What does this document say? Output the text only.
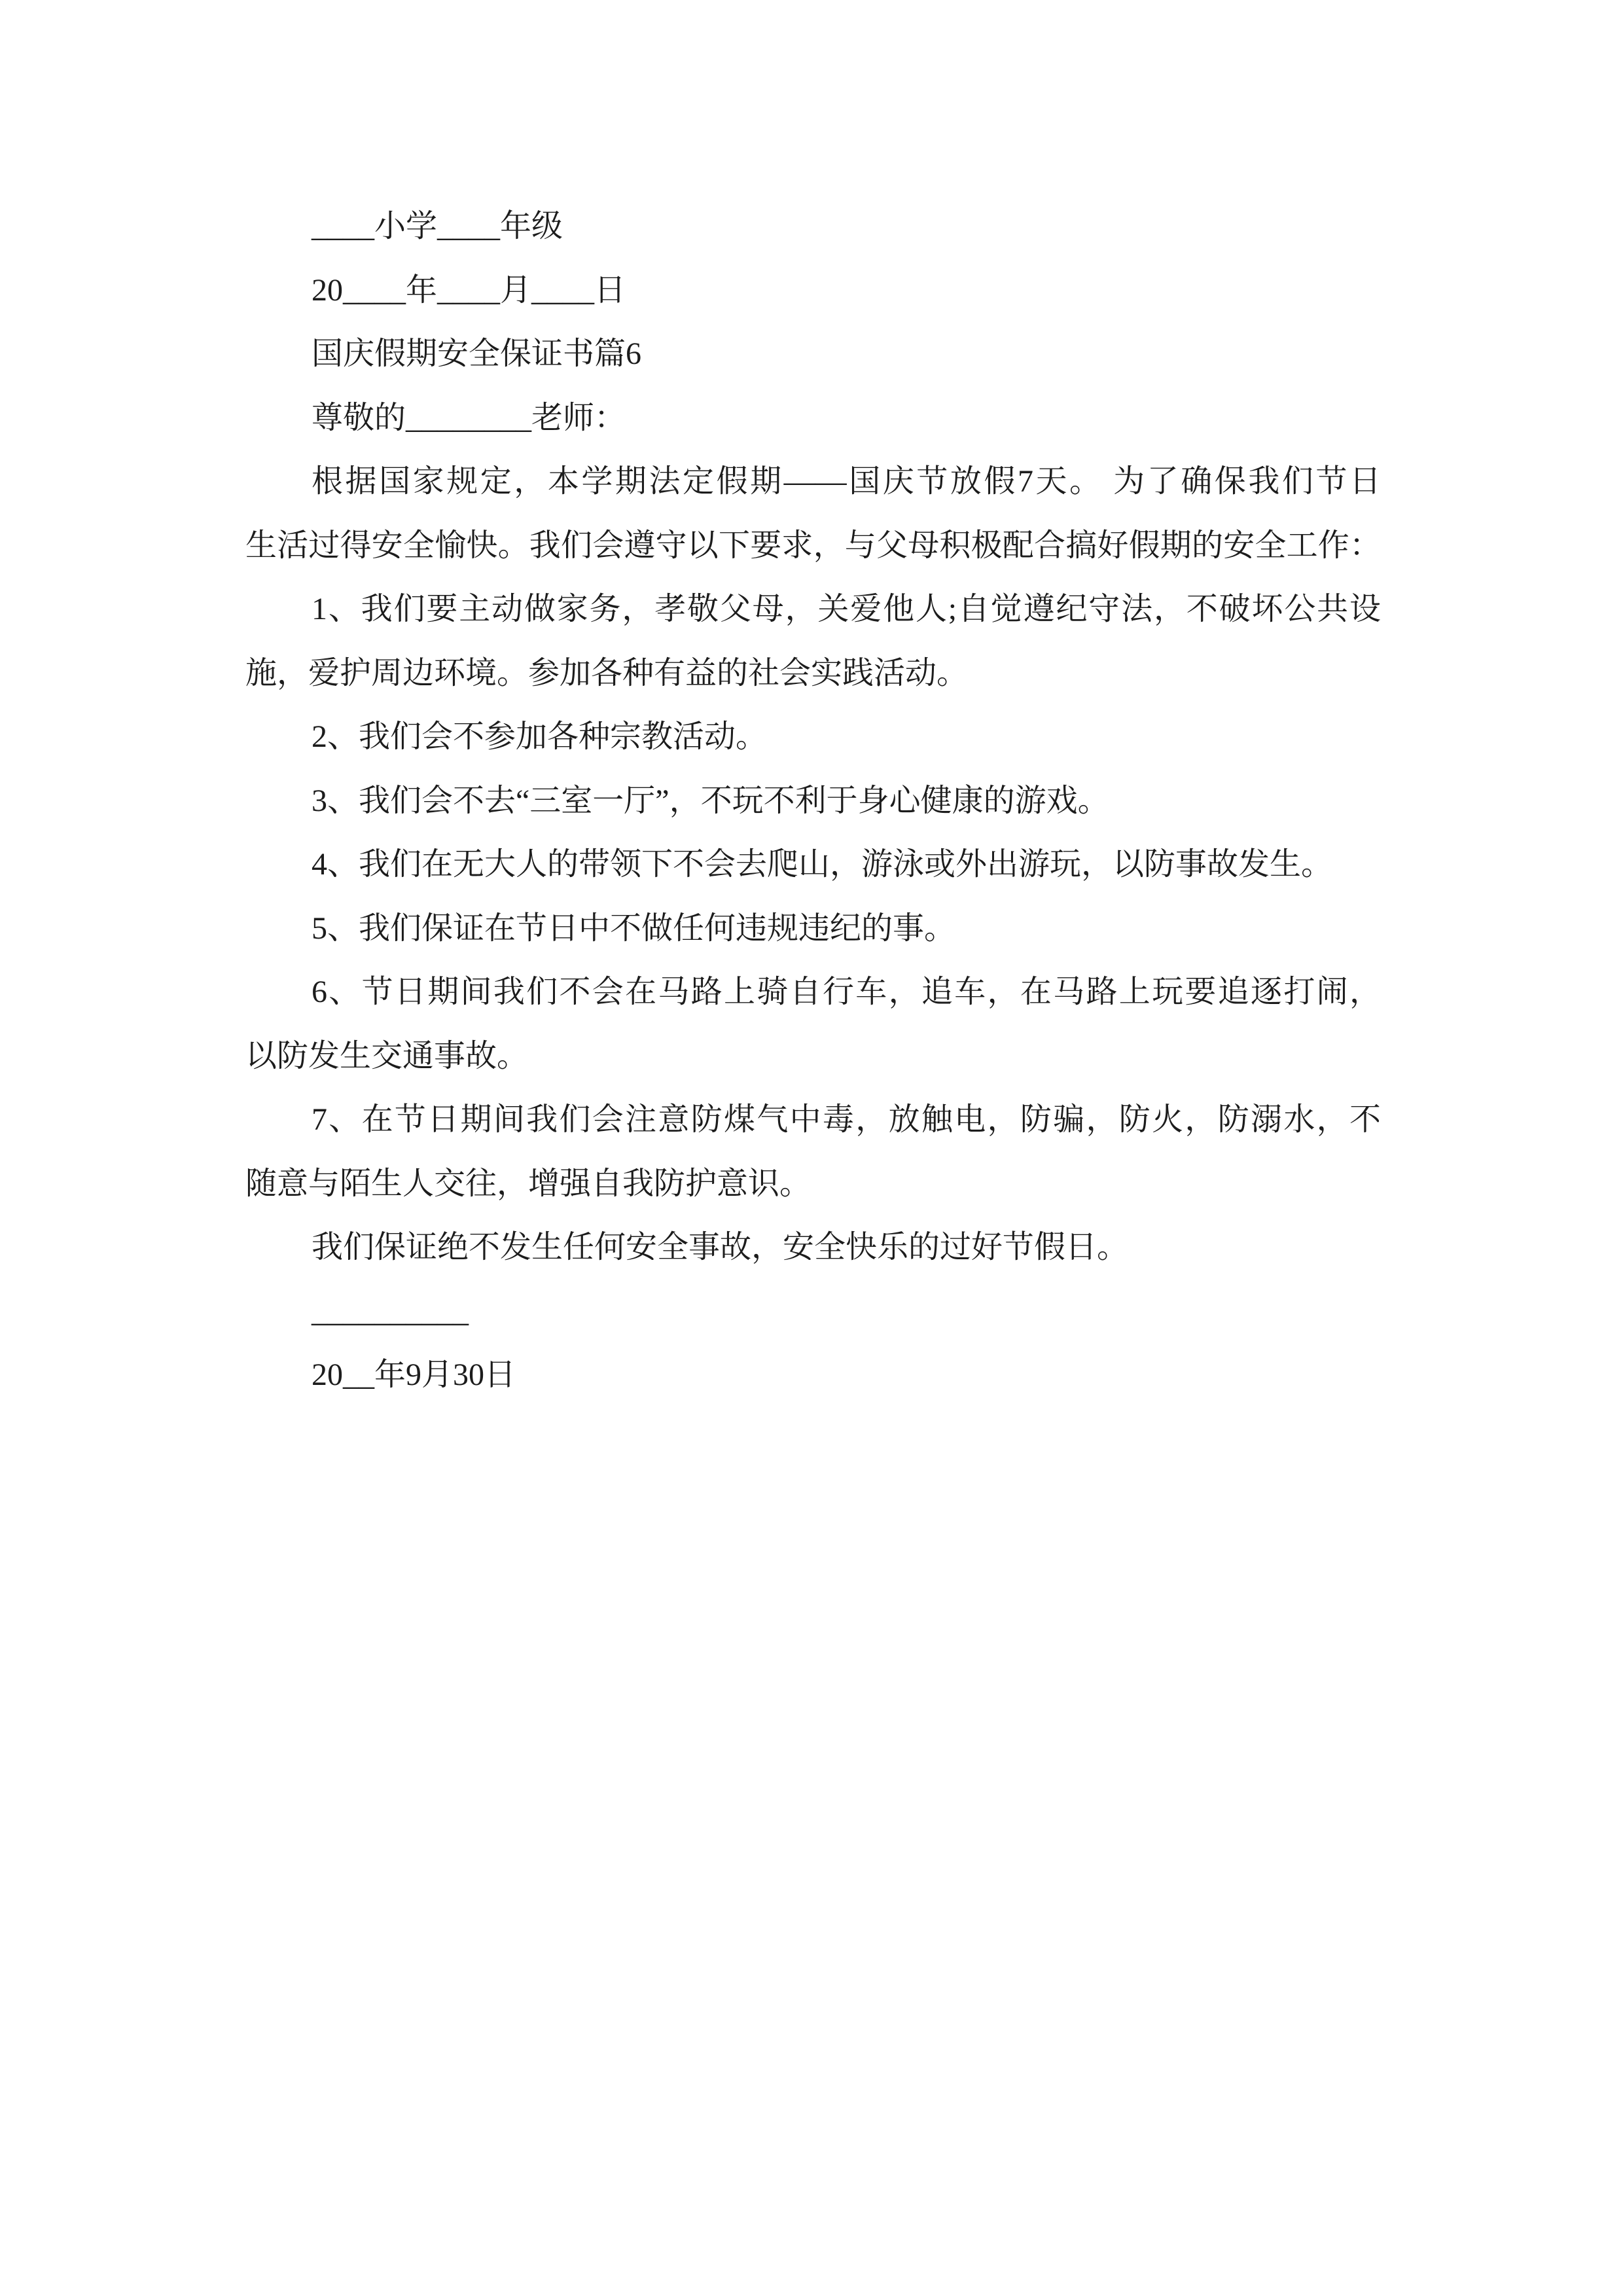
____小学____年级

20____年____月____日

国庆假期安全保证书篇6

尊敬的________老师：

根据国家规定，本学期法定假期——国庆节放假7天。 为了确保我们节日

生活过得安全愉快。我们会遵守以下要求，与父母积极配合搞好假期的安全工作：

1、我们要主动做家务，孝敬父母，关爱他人;自觉遵纪守法，不破坏公共设

施，爱护周边环境。参加各种有益的社会实践活动。

2、我们会不参加各种宗教活动。

3、我们会不去“三室一厅”，不玩不利于身心健康的游戏。

4、我们在无大人的带领下不会去爬山，游泳或外出游玩，以防事故发生。

5、我们保证在节日中不做任何违规违纪的事。

6、节日期间我们不会在马路上骑自行车，追车，在马路上玩要追逐打闹，

以防发生交通事故。

7、在节日期间我们会注意防煤气中毒，放触电，防骗，防火，防溺水，不

随意与陌生人交往，增强自我防护意识。

我们保证绝不发生任何安全事故，安全快乐的过好节假日。

__________

20__年9月30日
